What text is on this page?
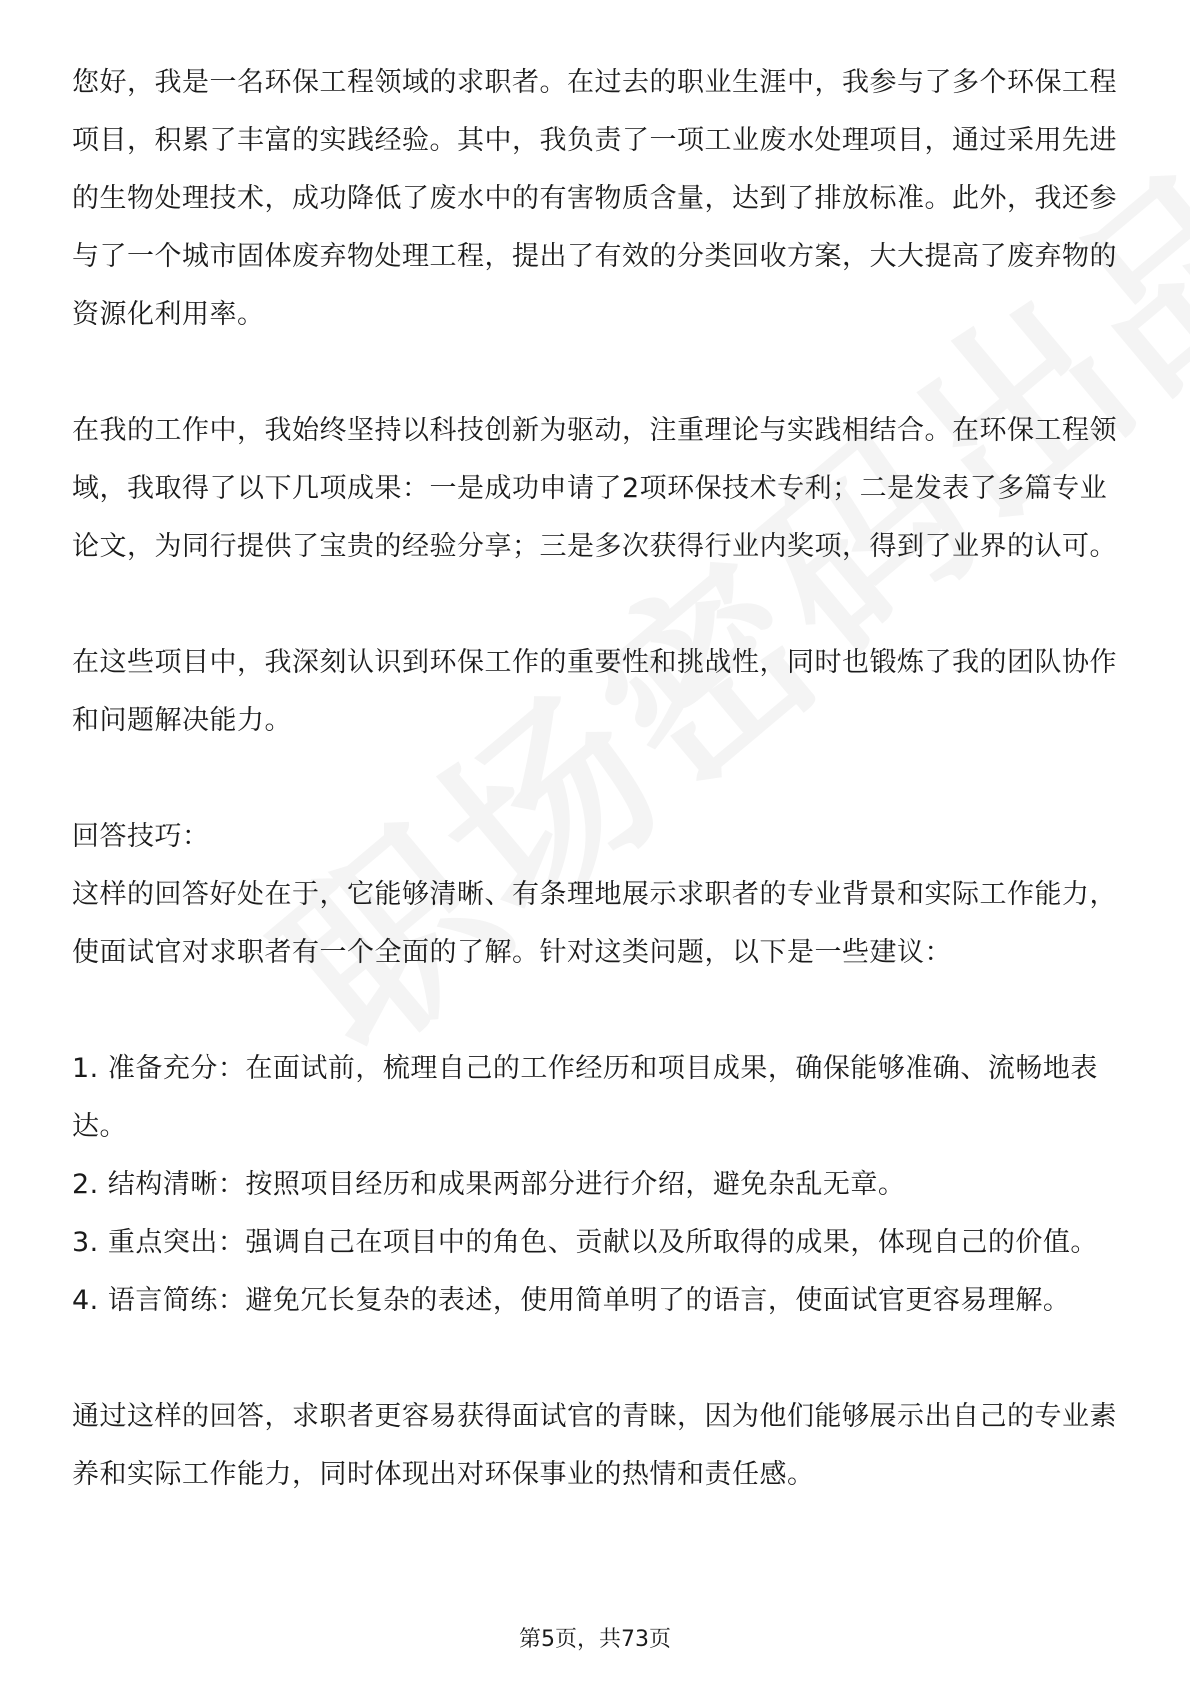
您好，我是一名环保工程领域的求职者。在过去的职业生涯中，我参与了多个环保工程项目，积累了丰富的实践经验。其中，我负责了一项工业废水处理项目，通过采用先进的生物处理技术，成功降低了废水中的有害物质含量，达到了排放标准。此外，我还参与了一个城市固体废弃物处理工程，提出了有效的分类回收方案，大大提高了废弃物的资源化利用率。

在我的工作中，我始终坚持以科技创新为驱动，注重理论与实践相结合。在环保工程领域，我取得了以下几项成果：一是成功申请了2项环保技术专利；二是发表了多篇专业论文，为同行提供了宝贵的经验分享；三是多次获得行业内奖项，得到了业界的认可。

在这些项目中，我深刻认识到环保工作的重要性和挑战性，同时也锻炼了我的团队协作和问题解决能力。

回答技巧：

这样的回答好处在于，它能够清晰、有条理地展示求职者的专业背景和实际工作能力，使面试官对求职者有一个全面的了解。针对这类问题，以下是一些建议：

1. 准备充分：在面试前，梳理自己的工作经历和项目成果，确保能够准确、流畅地表达。

2. 结构清晰：按照项目经历和成果两部分进行介绍，避免杂乱无章。

3. 重点突出：强调自己在项目中的角色、贡献以及所取得的成果，体现自己的价值。

4. 语言简练：避免冗长复杂的表述，使用简单明了的语言，使面试官更容易理解。

通过这样的回答，求职者更容易获得面试官的青睐，因为他们能够展示出自己的专业素养和实际工作能力，同时体现出对环保事业的热情和责任感。

第5页，共73页
